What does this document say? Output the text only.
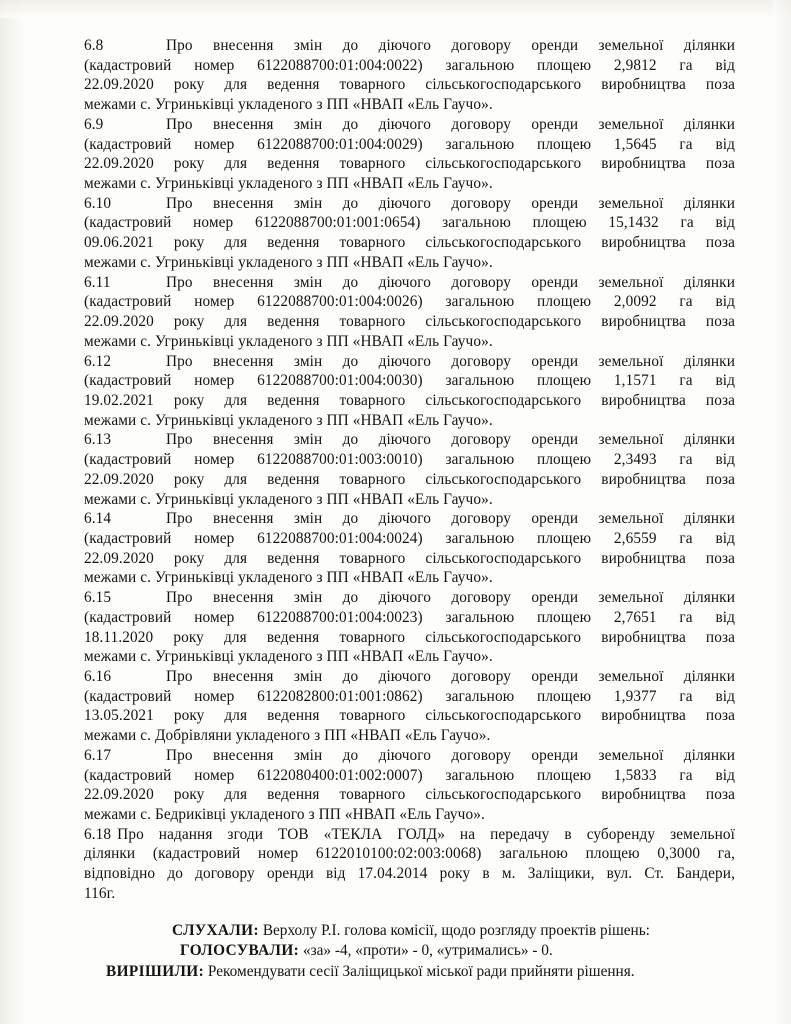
6.8	Про внесення змін до діючого договору оренди земельної ділянки

(кадастровий номер 6122088700:01:004:0022) загальною площею 2,9812 га від

22.09.2020 року для ведення товарного сільськогосподарського виробництва поза

межами с. Угриньківці укладеного з ПП «НВАП «Ель Гаучо».

6.9	Про внесення змін до діючого договору оренди земельної ділянки

(кадастровий номер 6122088700:01:004:0029) загальною площею 1,5645 га від

22.09.2020 року для ведення товарного сільськогосподарського виробництва поза

межами с. Угриньківці укладеного з ПП «НВАП «Ель Гаучо».

6.10	Про внесення змін до діючого договору оренди земельної ділянки

(кадастровий номер 6122088700:01:001:0654) загальною площею 15,1432 га від

09.06.2021 року для ведення товарного сільськогосподарського виробництва поза

межами с. Угриньківці укладеного з ПП «НВАП «Ель Гаучо».

6.11	Про внесення змін до діючого договору оренди земельної ділянки

(кадастровий номер 6122088700:01:004:0026) загальною площею 2,0092 га від

22.09.2020 року для ведення товарного сільськогосподарського виробництва поза

межами с. Угриньківці укладеного з ПП «НВАП «Ель Гаучо».

6.12	Про внесення змін до діючого договору оренди земельної ділянки

(кадастровий номер 6122088700:01:004:0030) загальною площею 1,1571 га від

19.02.2021 року для ведення товарного сільськогосподарського виробництва поза

межами с. Угриньківці укладеного з ПП «НВАП «Ель Гаучо».

6.13	Про внесення змін до діючого договору оренди земельної ділянки

(кадастровий номер 6122088700:01:003:0010) загальною площею 2,3493 га від

22.09.2020 року для ведення товарного сільськогосподарського виробництва поза

межами с. Угриньківці укладеного з ПП «НВАП «Ель Гаучо».

6.14	Про внесення змін до діючого договору оренди земельної ділянки

(кадастровий номер 6122088700:01:004:0024) загальною площею 2,6559 га від

22.09.2020 року для ведення товарного сільськогосподарського виробництва поза

межами с. Угриньківці укладеного з ПП «НВАП «Ель Гаучо».

6.15	Про внесення змін до діючого договору оренди земельної ділянки

(кадастровий номер 6122088700:01:004:0023) загальною площею 2,7651 га від

18.11.2020 року для ведення товарного сільськогосподарського виробництва поза

межами с. Угриньківці укладеного з ПП «НВАП «Ель Гаучо».

6.16	Про внесення змін до діючого договору оренди земельної ділянки

(кадастровий номер 6122082800:01:001:0862) загальною площею 1,9377 га від

13.05.2021 року для ведення товарного сільськогосподарського виробництва поза

межами с. Добрівляни укладеного з ПП «НВАП «Ель Гаучо».

6.17	Про внесення змін до діючого договору оренди земельної ділянки

(кадастровий номер 6122080400:01:002:0007) загальною площею 1,5833 га від

22.09.2020 року для ведення товарного сільськогосподарського виробництва поза

межами с. Бедриківці укладеного з ПП «НВАП «Ель Гаучо».

6.18 Про надання згоди ТОВ «ТЕКЛА ГОЛД» на передачу в суборенду земельної

ділянки (кадастровий номер 6122010100:02:003:0068) загальною площею 0,3000 га,

відповідно до договору оренди від 17.04.2014 року в м. Заліщики, вул. Ст. Бандери,

116г.

СЛУХАЛИ: Верхолу Р.І. голова комісії, щодо розгляду проектів рішень:

ГОЛОСУВАЛИ: «за» -4, «проти» - 0, «утримались» - 0.

ВИРІШИЛИ: Рекомендувати сесії Заліщицької міської ради прийняти рішення.
